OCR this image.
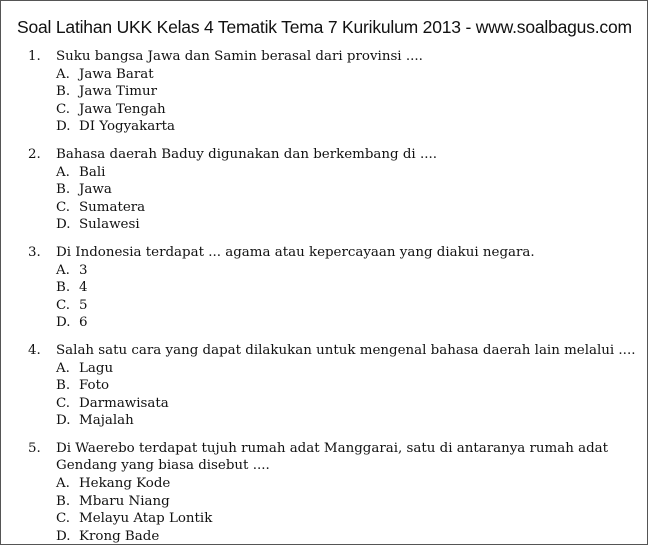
Soal Latihan UKK Kelas 4 Tematik Tema 7 Kurikulum 2013 - www.soalbagus.com
1. Suku bangsa Jawa dan Samin berasal dari provinsi ....
A. Jawa Barat
B. Jawa Timur
C. Jawa Tengah
D. DI Yogyakarta
2. Bahasa daerah Baduy digunakan dan berkembang di ....
A. Bali
B. Jawa
C. Sumatera
D. Sulawesi
3. Di Indonesia terdapat ... agama atau kepercayaan yang diakui negara.
A. 3
B. 4
C. 5
D. 6
4. Salah satu cara yang dapat dilakukan untuk mengenal bahasa daerah lain melalui ....
A. Lagu
B. Foto
C. Darmawisata
D. Majalah
5. Di Waerebo terdapat tujuh rumah adat Manggarai, satu di antaranya rumah adat Gendang yang biasa disebut ....
A. Hekang Kode
B. Mbaru Niang
C. Melayu Atap Lontik
D. Krong Bade
